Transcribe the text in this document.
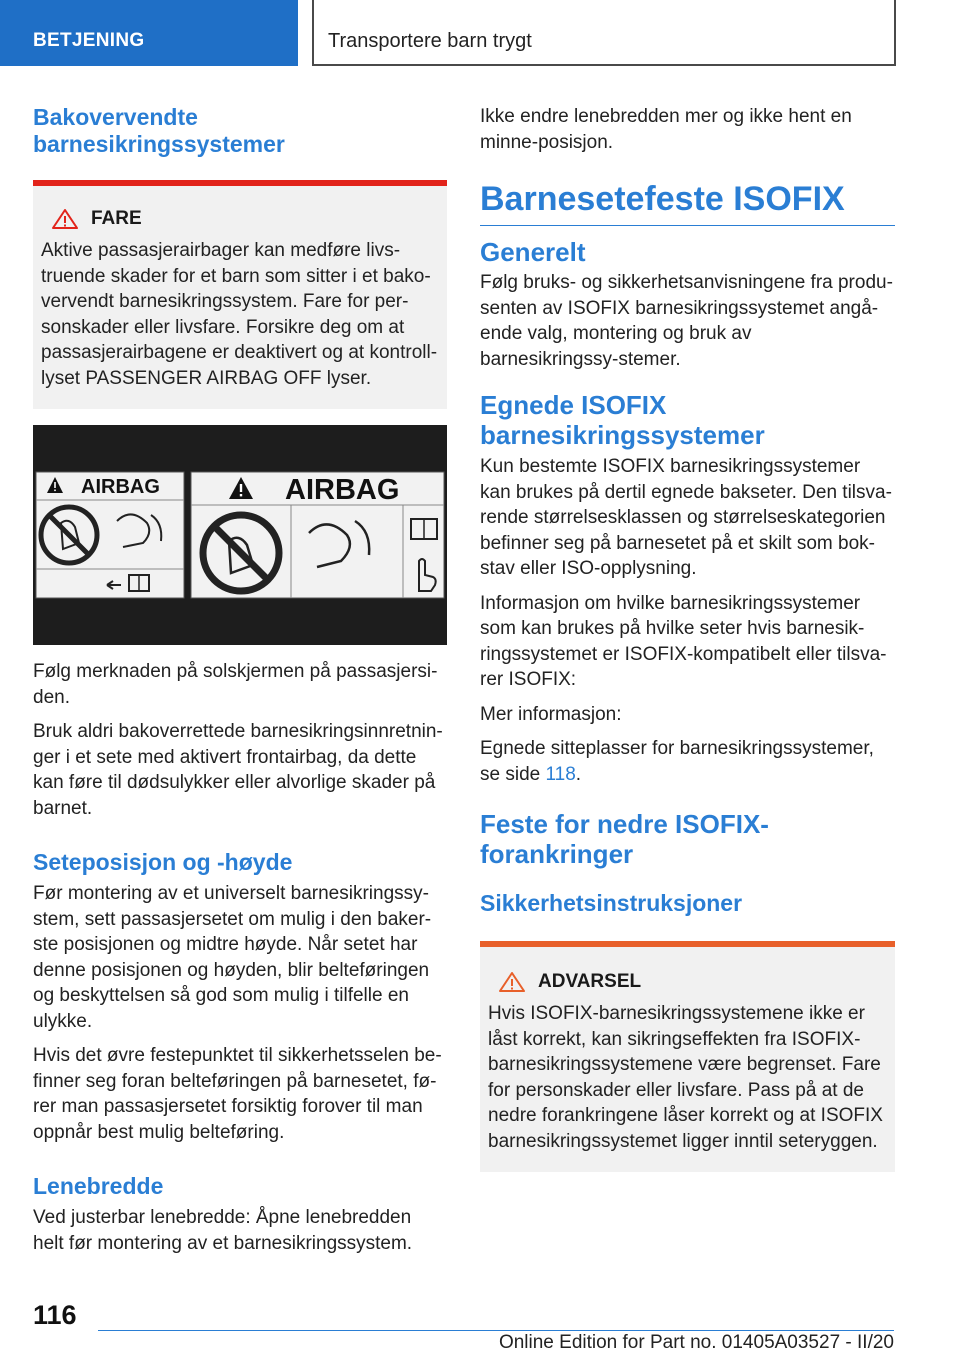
BETJENING	Transportere barn trygt
Bakovervendte barnesikringssystemer
FARE

Aktive passasjerairbager kan medføre livs-truende skader for et barn som sitter i et bako-vervendt barnesikringssystem. Fare for per-sonskader eller livsfare. Forsikre deg om at passasjerairbagene er deaktivert og at kontroll-lyset PASSENGER AIRBAG OFF lyser.

AIRBAG	AIRBAG

Følg merknaden på solskjermen på passasjersi-den.

Bruk aldri bakoverrettede barnesikringsinnretnin-ger i et sete med aktivert frontairbag, da dette kan føre til dødsulykker eller alvorlige skader på barnet.

Seteposisjon og -høyde

Før montering av et universelt barnesikringssy-stem, sett passasjersetet om mulig i den baker-ste posisjonen og midtre høyde. Når setet har denne posisjonen og høyden, blir belteføringen og beskyttelsen så god som mulig i tilfelle en ulykke.

Hvis det øvre festepunktet til sikkerhetsselen be-finner seg foran belteføringen på barnesetet, fø-rer man passasjersetet forsiktig forover til man oppnår best mulig belteføring.

Lenebredde

Ved justerbar lenebredde: Åpne lenebredden helt før montering av et barnesikringssystem.

Ikke endre lenebredden mer og ikke hent en minne-posisjon.

Barnesetefeste ISOFIX
Generelt

Følg bruks- og sikkerhetsanvisningene fra produ-senten av ISOFIX barnesikringssystemet angå-ende valg, montering og bruk av barnesikringssy-stemer.

Egnede ISOFIX barnesikringssystemer

Kun bestemte ISOFIX barnesikringssystemer kan brukes på dertil egnede bakseter. Den tilsva-rende størrelsesklassen og størrelseskategorien befinner seg på barnesetet på et skilt som bok-stav eller ISO-opplysning.

Informasjon om hvilke barnesikringssystemer som kan brukes på hvilke seter hvis barnesik-ringssystemet er ISOFIX-kompatibelt eller tilsva-rer ISOFIX:

Mer informasjon:

Egnede sitteplasser for barnesikringssystemer, se side 118.

Feste for nedre ISOFIX-forankringer
Sikkerhetsinstruksjoner
ADVARSEL

Hvis ISOFIX-barnesikringssystemene ikke er låst korrekt, kan sikringseffekten fra ISOFIX-barnesikringssystemene være begrenset. Fare for personskader eller livsfare. Pass på at de nedre forankringene låser korrekt og at ISOFIX barnesikringssystemet ligger inntil seteryggen.

116
Online Edition for Part no. 01405A03527 - II/20
